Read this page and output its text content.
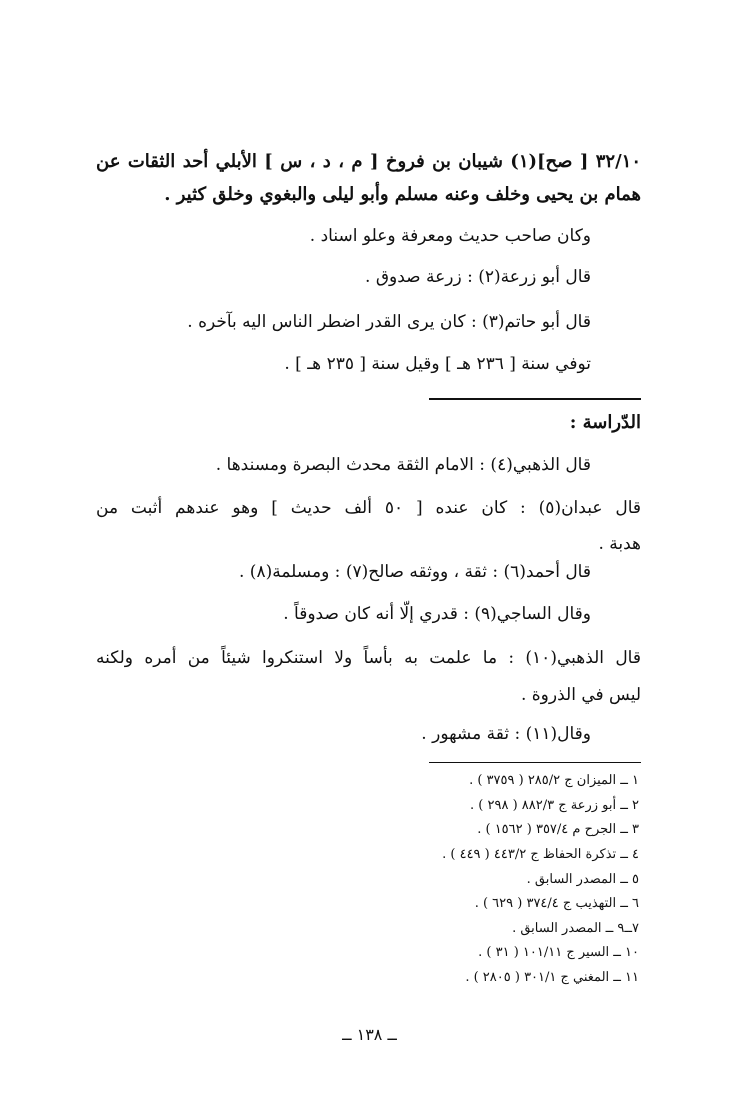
٣٢/١٠ [ صح](١) شيبان بن فروخ [ م ، د ، س ] الأبلي أحد الثقات عن
همام بن يحيى وخلف وعنه مسلم وأبو ليلى والبغوي وخلق كثير .
وكان صاحب حديث ومعرفة وعلو اسناد .
قال أبو زرعة(٢) : زرعة صدوق .
قال أبو حاتم(٣) : كان يرى القدر اضطر الناس اليه بآخره .
توفي سنة [ ٢٣٦ هـ ] وقيل سنة [ ٢٣٥ هـ ] .
الدّراسة :
قال الذهبي(٤) : الامام الثقة محدث البصرة ومسندها .
قال عبدان(٥) : كان عنده [ ٥٠ ألف حديث ] وهو عندهم أثبت من
هدبة .
قال أحمد(٦) : ثقة ، ووثقه صالح(٧) : ومسلمة(٨) .
وقال الساجي(٩) : قدري إلّا أنه كان صدوقاً .
قال الذهبي(١٠) : ما علمت به بأساً ولا استنكروا شيئاً من أمره ولكنه
ليس في الذروة .
وقال(١١) : ثقة مشهور .
١ ــ الميزان ج ٢٨٥/٢ ( ٣٧٥٩ ) .
٢ ــ أبو زرعة ج ٨٨٢/٣ ( ٢٩٨ ) .
٣ ــ الجرح م ٣٥٧/٤ ( ١٥٦٢ ) .
٤ ــ تذكرة الحفاظ ج ٤٤٣/٢ ( ٤٤٩ ) .
٥ ــ المصدر السابق .
٦ ــ التهذيب ج ٣٧٤/٤ ( ٦٢٩ ) .
٧ــ٩ ــ المصدر السابق .
١٠ ــ السير ج ١٠١/١١ ( ٣١ ) .
١١ ــ المغني ج ٣٠١/١ ( ٢٨٠٥ ) .
ــ ١٣٨ ــ
